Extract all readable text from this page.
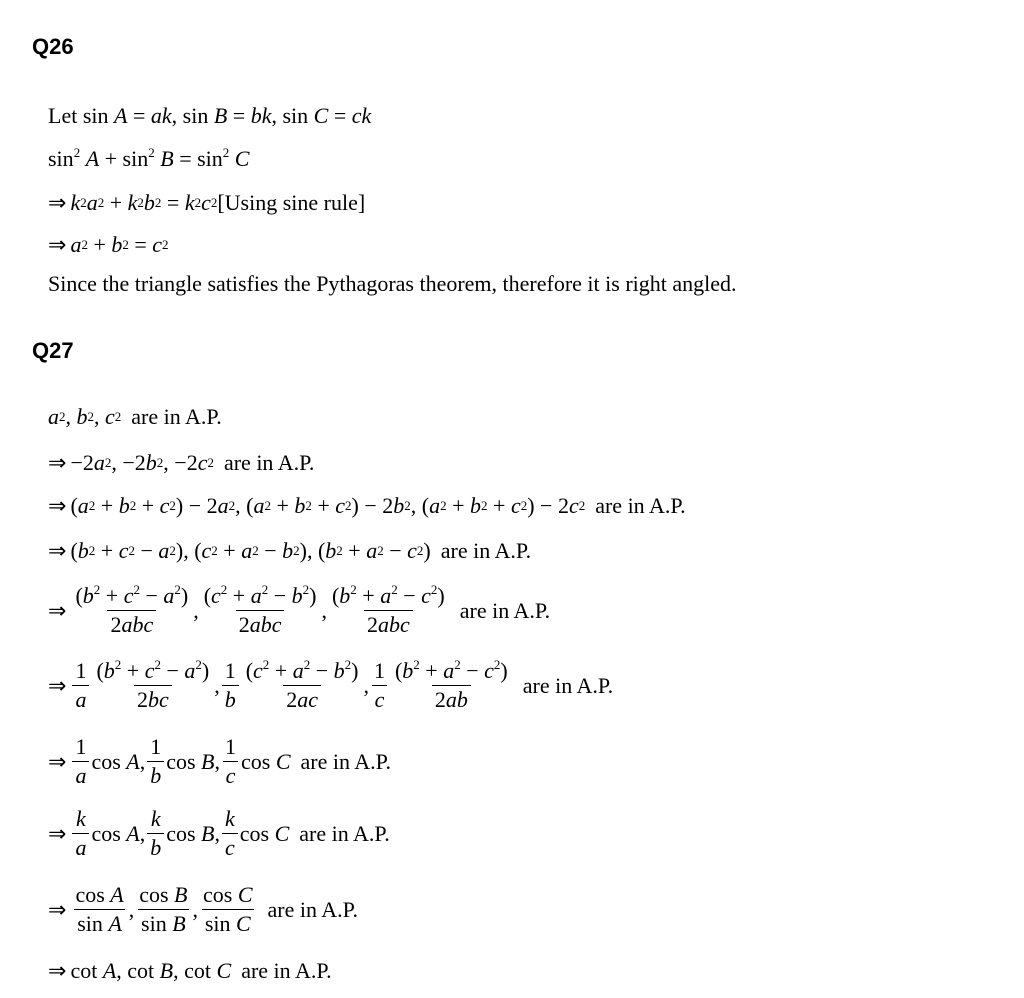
Q26
Let sin A = ak , sin B = bk , sin C = ck
$\sin^2 A + \sin^2 B = \sin^2 C$
⇒ k 2 a 2 + k 2 b 2 = k 2 c 2 [Using sine rule]
⇒ a 2 + b 2 = c 2
Since the triangle satisfies the Pythagoras theorem, therefore it is right angled.
Q27
a 2 , b 2 , c 2 are in A.P.
⇒ −2 a 2 , −2 b 2 , −2 c 2 are in A.P.
⇒ ( a 2 + b 2 + c 2 ) − 2 a 2 , ( a 2 + b 2 + c 2 ) − 2 b 2 , ( a 2 + b 2 + c 2 ) − 2 c 2 are in A.P.
⇒ ( b 2 + c 2 − a 2 ), ( c 2 + a 2 − b 2 ), ( b 2 + a 2 − c 2 ) are in A.P.
⇒ $\frac{(b^2 + c^2 - a^2)}{\text{2abc}}$ , $\frac{(c^2 + a^2 - b^2)}{\text{2abc}}$ , $\frac{(b^2 + a^2 - c^2)}{\text{2abc}}$ are in A.P.
⇒ $\frac{1}{a} \frac{(b^2 + c^2 - a^2)}{2bc}$ , $\frac{1}{b} \frac{(c^2 + a^2 - b^2)}{2ac}$ , $\frac{1}{c} \frac{(b^2 + a^2 - c^2)}{2ab}$ are in A.P.
⇒ $\frac{1}{a}$ cos A , $\frac{1}{b}$ cos B , $\frac{1}{c}$ cos C are in A.P.
⇒ $\frac{k}{a}$ cos A , $\frac{k}{b}$ cos B , $\frac{k}{c}$ cos C are in A.P.
⇒ $\frac{\text{cos A}}{\text{sin A}}$ , $\frac{\text{cos B}}{\text{sin B}}$ , $\frac{\text{cos C}}{\text{sin C}}$ are in A.P.
⇒ cot A , cot B , cot C are in A.P.
